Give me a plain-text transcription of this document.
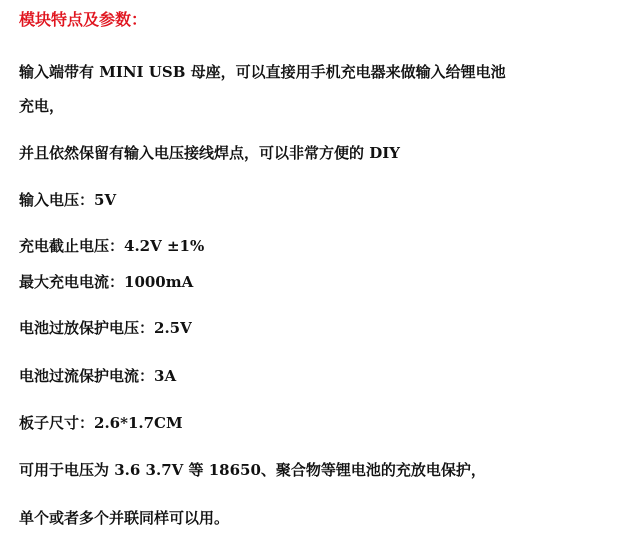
模块特点及参数：
输入端带有 MINI USB 母座，可以直接用手机充电器来做输入给锂电池
充电，
并且依然保留有输入电压接线焊点，可以非常方便的 DIY
输入电压：5V
充电截止电压：4.2V ±1%
最大充电电流：1000mA
电池过放保护电压：2.5V
电池过流保护电流：3A
板子尺寸：2.6*1.7CM
可用于电压为 3.6 3.7V 等 18650、聚合物等锂电池的充放电保护，
单个或者多个并联同样可以用。
